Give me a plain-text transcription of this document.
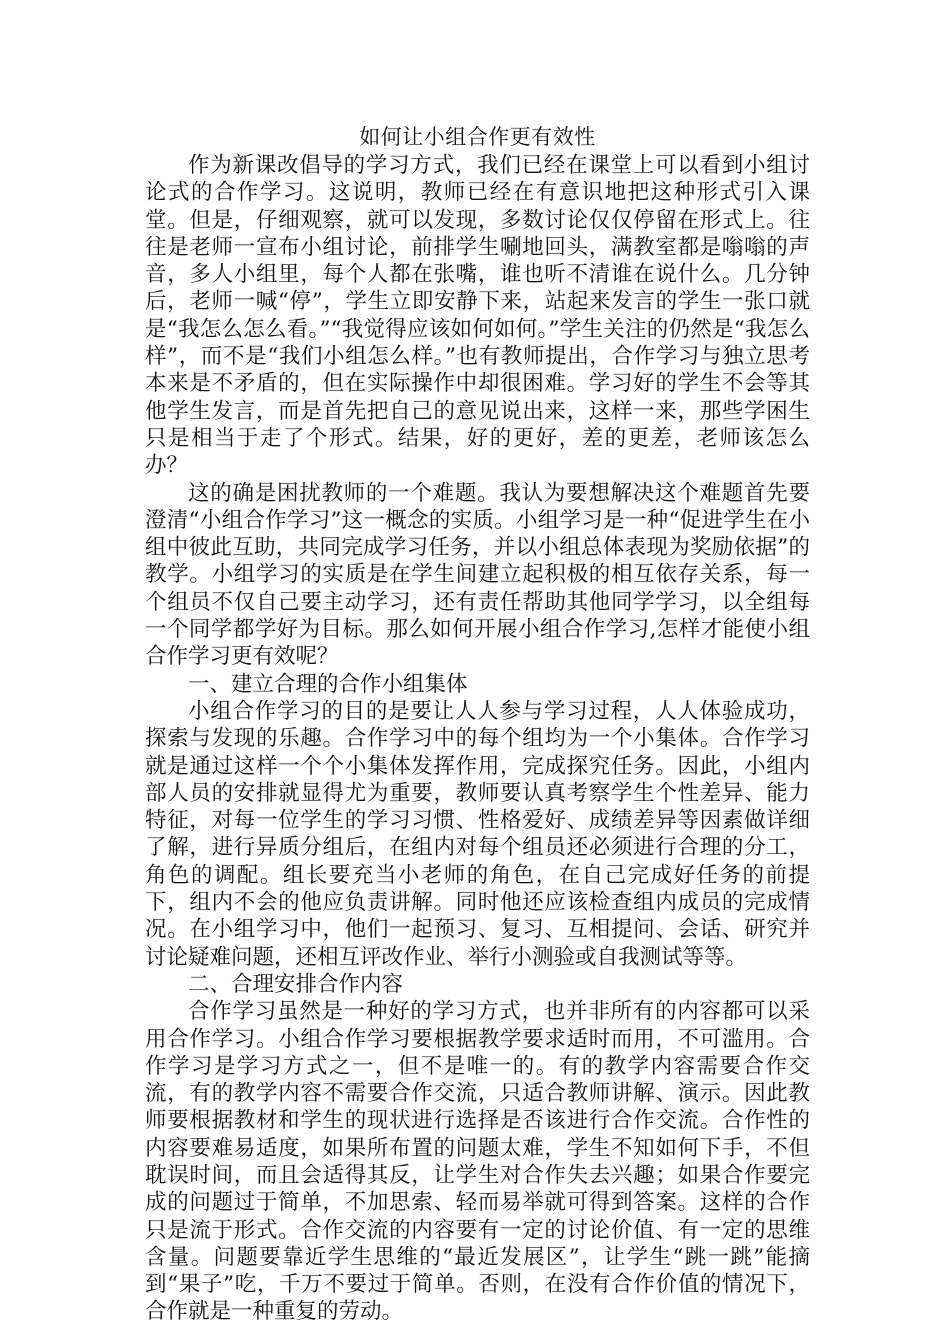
如何让小组合作更有效性

作为新课改倡导的学习方式，我们已经在课堂上可以看到小组讨论式的合作学习。这说明，教师已经在有意识地把这种形式引入课堂。但是，仔细观察，就可以发现，多数讨论仅仅停留在形式上。往往是老师一宣布小组讨论，前排学生唰地回头，满教室都是嗡嗡的声音，多人小组里，每个人都在张嘴，谁也听不清谁在说什么。几分钟后，老师一喊“停”，学生立即安静下来，站起来发言的学生一张口就是“我怎么怎么看。”“我觉得应该如何如何。”学生关注的仍然是“我怎么样”，而不是“我们小组怎么样。”也有教师提出，合作学习与独立思考本来是不矛盾的，但在实际操作中却很困难。学习好的学生不会等其他学生发言，而是首先把自己的意见说出来，这样一来，那些学困生只是相当于走了个形式。结果，好的更好，差的更差，老师该怎么办？

这的确是困扰教师的一个难题。我认为要想解决这个难题首先要澄清“小组合作学习”这一概念的实质。小组学习是一种“促进学生在小组中彼此互助，共同完成学习任务，并以小组总体表现为奖励依据”的教学。小组学习的实质是在学生间建立起积极的相互依存关系，每一个组员不仅自己要主动学习，还有责任帮助其他同学学习，以全组每一个同学都学好为目标。那么如何开展小组合作学习,怎样才能使小组合作学习更有效呢？

一、建立合理的合作小组集体

小组合作学习的目的是要让人人参与学习过程，人人体验成功，探索与发现的乐趣。合作学习中的每个组均为一个小集体。合作学习就是通过这样一个个小集体发挥作用，完成探究任务。因此，小组内部人员的安排就显得尤为重要，教师要认真考察学生个性差异、能力特征，对每一位学生的学习习惯、性格爱好、成绩差异等因素做详细了解，进行异质分组后，在组内对每个组员还必须进行合理的分工，角色的调配。组长要充当小老师的角色，在自己完成好任务的前提下，组内不会的他应负责讲解。同时他还应该检查组内成员的完成情况。在小组学习中，他们一起预习、复习、互相提问、会话、研究并讨论疑难问题，还相互评改作业、举行小测验或自我测试等等。

二、合理安排合作内容

合作学习虽然是一种好的学习方式，也并非所有的内容都可以采用合作学习。小组合作学习要根据教学要求适时而用，不可滥用。合作学习是学习方式之一，但不是唯一的。有的教学内容需要合作交流，有的教学内容不需要合作交流，只适合教师讲解、演示。因此教师要根据教材和学生的现状进行选择是否该进行合作交流。合作性的内容要难易适度，如果所布置的问题太难，学生不知如何下手，不但耽误时间，而且会适得其反，让学生对合作失去兴趣；如果合作要完成的问题过于简单，不加思索、轻而易举就可得到答案。这样的合作只是流于形式。合作交流的内容要有一定的讨论价值、有一定的思维含量。问题要靠近学生思维的“最近发展区”，让学生“跳一跳”能摘到“果子”吃，千万不要过于简单。否则，在没有合作价值的情况下，合作就是一种重复的劳动。
